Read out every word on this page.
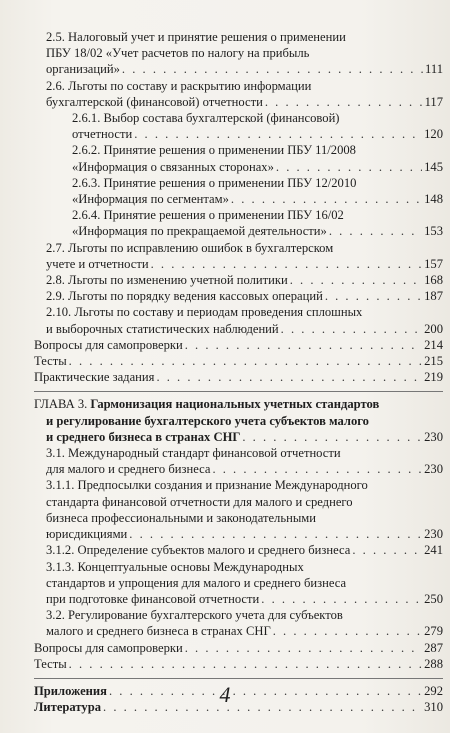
2.5. Налоговый учет и принятие решения о применении
ПБУ 18/02 «Учет расчетов по налогу на прибыль
организаций» . . .	111
2.6. Льготы по составу и раскрытию информации
бухгалтерской (финансовой) отчетности . . .	117
2.6.1. Выбор состава бухгалтерской (финансовой)
отчетности . . .	120
2.6.2. Принятие решения о применении ПБУ 11/2008
«Информация о связанных сторонах» . . .	145
2.6.3. Принятие решения о применении ПБУ 12/2010
«Информация по сегментам» . . .	148
2.6.4. Принятие решения о применении ПБУ 16/02
«Информация по прекращаемой деятельности» . . .	153
2.7. Льготы по исправлению ошибок в бухгалтерском
учете и отчетности . . .	157
2.8. Льготы по изменению учетной политики . . .	168
2.9. Льготы по порядку ведения кассовых операций . . .	187
2.10. Льготы по составу и периодам проведения сплошных
и выборочных статистических наблюдений . . .	200
Вопросы для самопроверки . . .	214
Тесты . . .	215
Практические задания . . .	219
ГЛАВА 3. Гармонизация национальных учетных стандартов
и регулирование бухгалтерского учета субъектов малого
и среднего бизнеса в странах СНГ . . .	230
3.1. Международный стандарт финансовой отчетности
для малого и среднего бизнеса . . .	230
3.1.1. Предпосылки создания и признание Международного
стандарта финансовой отчетности для малого и среднего
бизнеса профессиональными и законодательными
юрисдикциями . . .	230
3.1.2. Определение субъектов малого и среднего бизнеса . . .	241
3.1.3. Концептуальные основы Международных
стандартов и упрощения для малого и среднего бизнеса
при подготовке финансовой отчетности . . .	250
3.2. Регулирование бухгалтерского учета для субъектов
малого и среднего бизнеса в странах СНГ . . .	279
Вопросы для самопроверки . . .	287
Тесты . . .	288
Приложения . . .	292
Литература . . .	310
4
